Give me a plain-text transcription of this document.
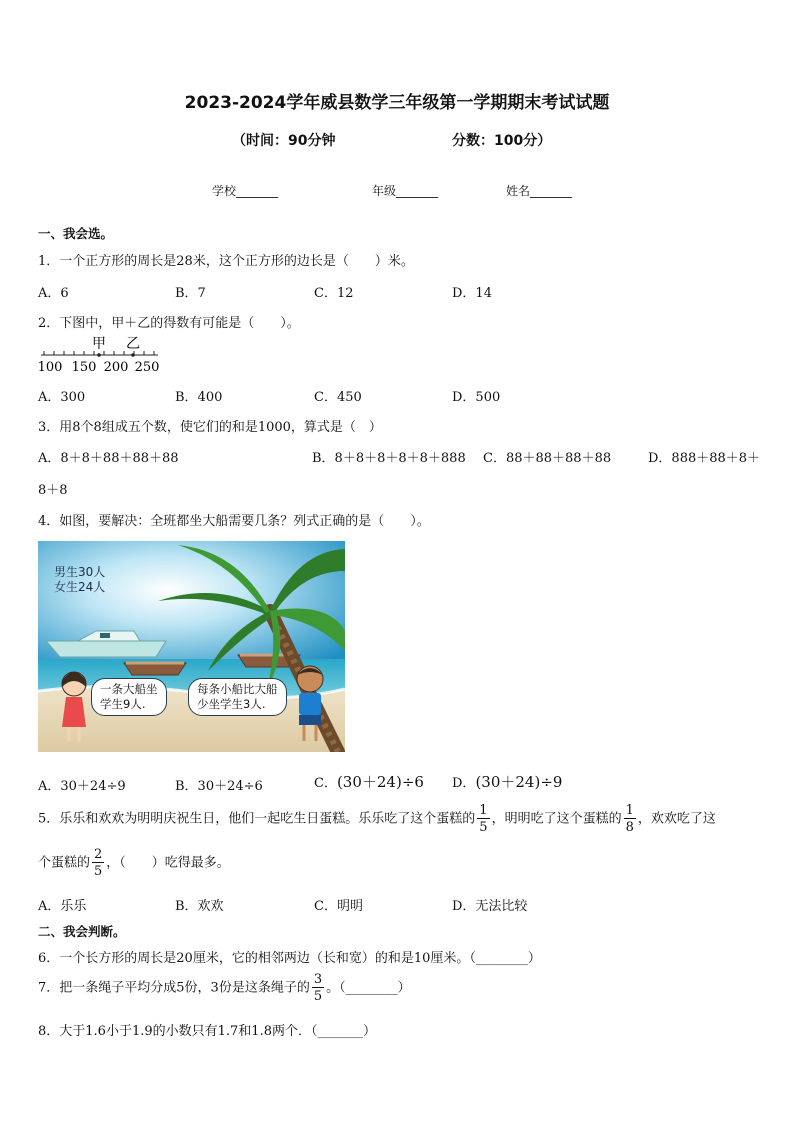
2023-2024学年威县数学三年级第一学期期末考试试题
（时间：90分钟	分数：100分）
学校_______	年级_______	姓名_______
一、我会选。
1．一个正方形的周长是28米，这个正方形的边长是（　　）米。
A．6	B．7	C．12	D．14
2．下图中，甲＋乙的得数有可能是（　　）。
甲 乙
100 150 200 250
A．300	B．400	C．450	D．500
3．用8个8组成五个数，使它们的和是1000，算式是（　）
A．8＋8＋88＋88＋88	B．8＋8＋8＋8＋8＋888 C．88＋88＋88＋88	D．888＋88＋8＋
8＋8
4．如图，要解决：全班都坐大船需要几条？列式正确的是（　　）。
男生30人
女生24人
一条大船坐
学生9人.
每条小船比大船
少坐学生3人.
A．30＋24÷9	B．30＋24÷6	C．(30＋24)÷6 D．(30＋24)÷9
5．乐乐和欢欢为明明庆祝生日，他们一起吃生日蛋糕。乐乐吃了这个蛋糕的 $\frac{1}{5}$ ，明明吃了这个蛋糕的 $\frac{1}{8}$ ，欢欢吃了这
个蛋糕的 $\frac{2}{5}$ ，（　　）吃得最多。
A．乐乐	B．欢欢	C．明明	D．无法比较
二、我会判断。
6．一个长方形的周长是20厘米，它的相邻两边（长和宽）的和是10厘米。（________）
7．把一条绳子平均分成5份，3份是这条绳子的 $\frac{3}{5}$ 。（________）
8．大于1.6小于1.9的小数只有1.7和1.8两个．（_______）
